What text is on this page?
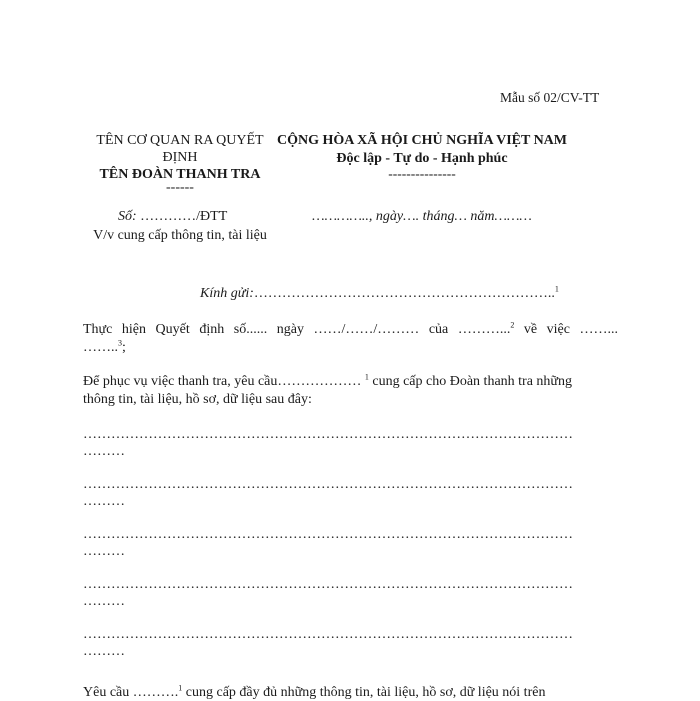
Mẫu số 02/CV-TT
TÊN CƠ QUAN RA QUYẾT
ĐỊNH
TÊN ĐOÀN THANH TRA
------
Số: …………/ĐTT
V/v cung cấp thông tin, tài liệu
CỘNG HÒA XÃ HỘI CHỦ NGHĨA VIỆT NAM
Độc lập - Tự do - Hạnh phúc
---------------
………….., ngày…. tháng… năm………
Kính gửi:………………………………………………………..$^1$
Thực hiện Quyết định số...... ngày ……/……/……… của ………...$^2$ về việc ……...
……..$^3$;
Để phục vụ việc thanh tra, yêu cầu……………… $^1$ cung cấp cho Đoàn thanh tra những
thông tin, tài liệu, hồ sơ, dữ liệu sau đây:
……………………………………………………………………………………………
………
……………………………………………………………………………………………
………
……………………………………………………………………………………………
………
……………………………………………………………………………………………
………
……………………………………………………………………………………………
………
Yêu cầu ……….$^1$ cung cấp đầy đủ những thông tin, tài liệu, hồ sơ, dữ liệu nói trên
